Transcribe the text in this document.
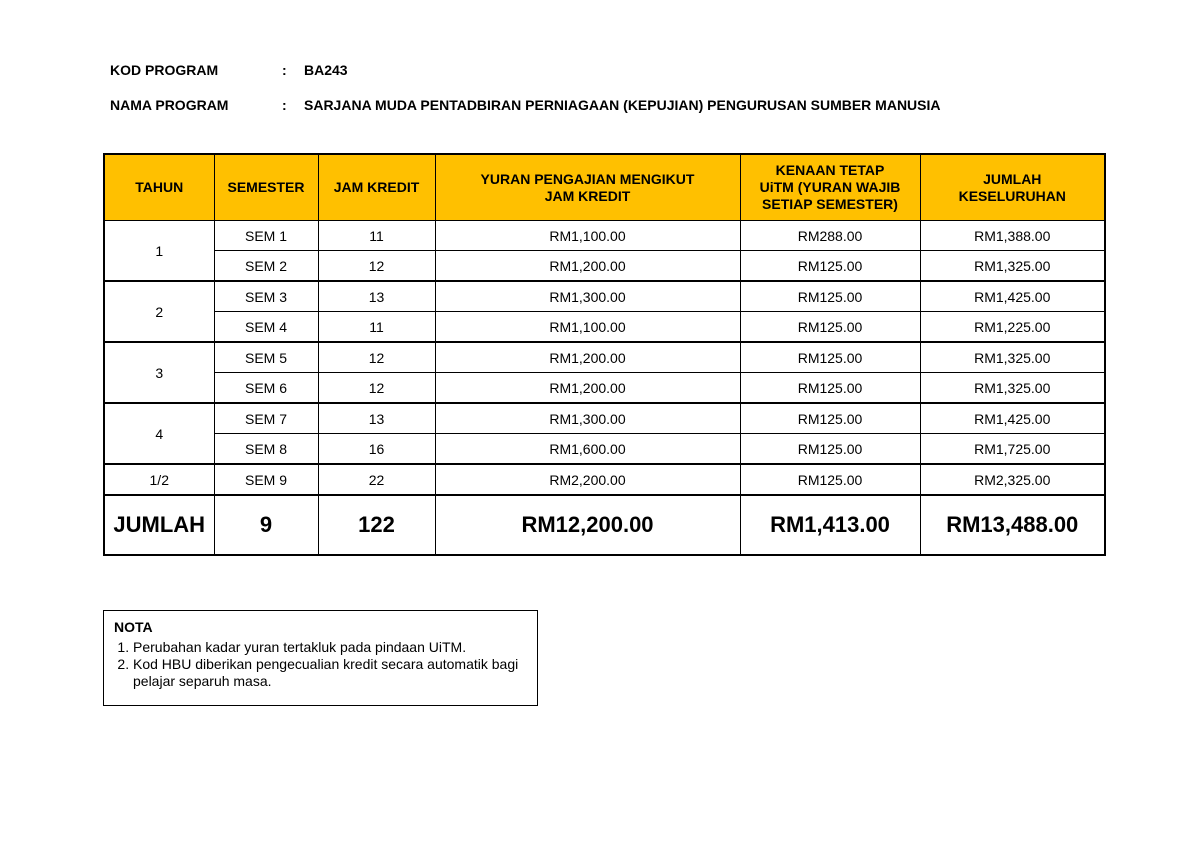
KOD PROGRAM	:	BA243
NAMA PROGRAM	:	SARJANA MUDA PENTADBIRAN PERNIAGAAN (KEPUJIAN) PENGURUSAN SUMBER MANUSIA
TAHUN	SEMESTER	JAM KREDIT	YURAN PENGAJIAN MENGIKUT JAM KREDIT	KENAAN TETAP UiTM (YURAN WAJIB SETIAP SEMESTER)	JUMLAH KESELURUHAN
1	SEM 1	11	RM1,100.00	RM288.00	RM1,388.00
	SEM 2	12	RM1,200.00	RM125.00	RM1,325.00
2	SEM 3	13	RM1,300.00	RM125.00	RM1,425.00
	SEM 4	11	RM1,100.00	RM125.00	RM1,225.00
3	SEM 5	12	RM1,200.00	RM125.00	RM1,325.00
	SEM 6	12	RM1,200.00	RM125.00	RM1,325.00
4	SEM 7	13	RM1,300.00	RM125.00	RM1,425.00
	SEM 8	16	RM1,600.00	RM125.00	RM1,725.00
1/2	SEM 9	22	RM2,200.00	RM125.00	RM2,325.00
JUMLAH	9	122	RM12,200.00	RM1,413.00	RM13,488.00
NOTA
1. Perubahan kadar yuran tertakluk pada pindaan UiTM.
2. Kod HBU diberikan pengecualian kredit secara automatik bagi pelajar separuh masa.
